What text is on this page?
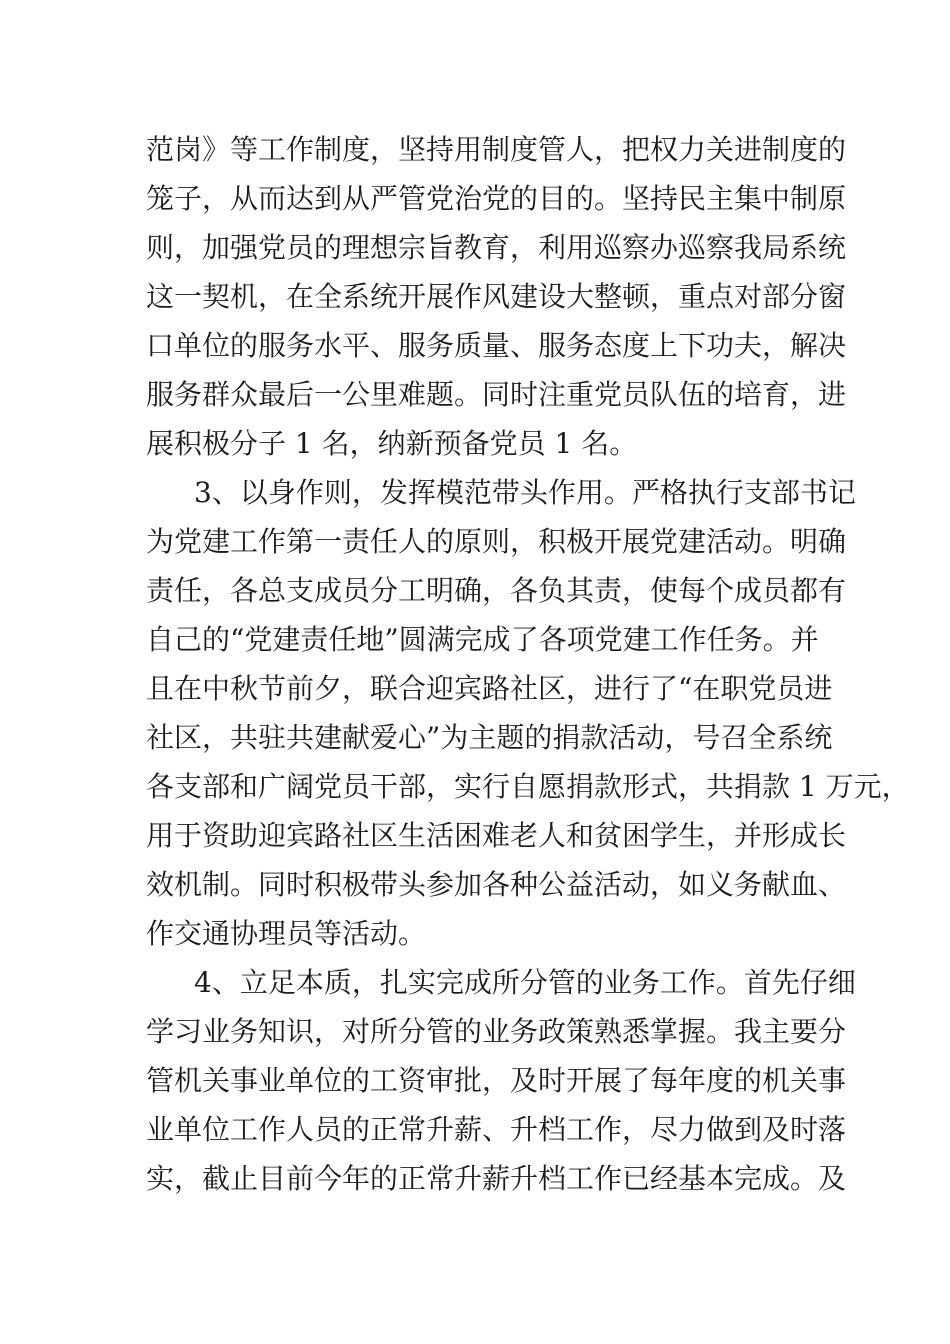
范岗》等工作制度，坚持用制度管人，把权力关进制度的
笼子，从而达到从严管党治党的目的。坚持民主集中制原
则，加强党员的理想宗旨教育，利用巡察办巡察我局系统
这一契机，在全系统开展作风建设大整顿，重点对部分窗
口单位的服务水平、服务质量、服务态度上下功夫，解决
服务群众最后一公里难题。同时注重党员队伍的培育，进
展积极分子 1 名，纳新预备党员 1 名。
3、以身作则，发挥模范带头作用。严格执行支部书记
为党建工作第一责任人的原则，积极开展党建活动。明确
责任，各总支成员分工明确，各负其责，使每个成员都有
自己的“党建责任地”圆满完成了各项党建工作任务。并
且在中秋节前夕，联合迎宾路社区，进行了“在职党员进
社区，共驻共建献爱心”为主题的捐款活动，号召全系统
各支部和广阔党员干部，实行自愿捐款形式，共捐款 1 万元，
用于资助迎宾路社区生活困难老人和贫困学生，并形成长
效机制。同时积极带头参加各种公益活动，如义务献血、
作交通协理员等活动。
4、立足本质，扎实完成所分管的业务工作。首先仔细
学习业务知识，对所分管的业务政策熟悉掌握。我主要分
管机关事业单位的工资审批，及时开展了每年度的机关事
业单位工作人员的正常升薪、升档工作，尽力做到及时落
实，截止目前今年的正常升薪升档工作已经基本完成。及
